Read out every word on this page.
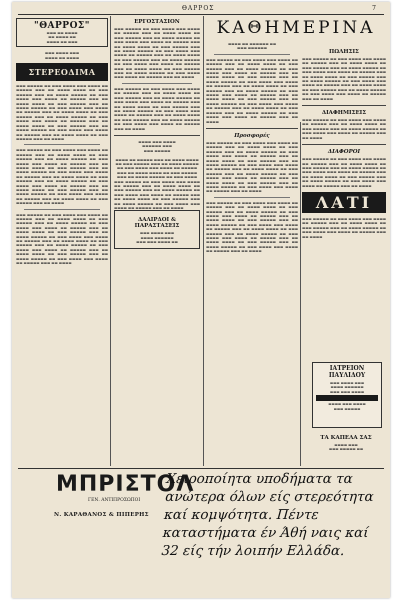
ΘΑΡΡΟΣ	7
"ΘΑΡΡΟΣ"
▬▬▬ ▬▬ ▬▬▬▬
▬▬ ▬▬▬▬ ▬▬
▬▬▬▬ ▬▬ ▬▬▬
▬▬▬ ▬▬▬▬ ▬▬▬
▬▬▬▬ ▬▬ ▬▬▬▬
ΣΤΕΡΕΟΔΙΜΑ
▬▬▬ ▬▬▬▬▬ ▬▬ ▬▬▬ ▬▬▬▬ ▬▬▬ ▬▬▬▬ ▬▬ ▬▬▬▬▬ ▬▬▬ ▬▬ ▬▬▬▬ ▬▬▬▬ ▬▬ ▬▬▬ ▬▬▬▬▬ ▬▬▬ ▬▬ ▬▬▬▬ ▬▬▬▬▬ ▬▬ ▬▬▬ ▬▬▬▬ ▬▬▬ ▬▬▬▬ ▬▬ ▬▬▬▬▬ ▬▬▬ ▬▬ ▬▬▬▬ ▬▬▬▬ ▬▬ ▬▬▬ ▬▬▬▬▬ ▬▬▬ ▬▬ ▬▬▬▬ ▬▬▬▬▬ ▬▬ ▬▬▬ ▬▬▬▬ ▬▬▬ ▬▬▬▬ ▬▬ ▬▬▬▬▬ ▬▬▬ ▬▬ ▬▬▬▬ ▬▬▬▬ ▬▬ ▬▬▬ ▬▬▬▬▬ ▬▬▬ ▬▬ ▬▬▬▬ ▬▬▬▬▬ ▬▬ ▬▬▬ ▬▬▬▬ ▬▬▬ ▬▬▬▬ ▬▬ ▬▬▬▬▬ ▬▬▬ ▬▬ ▬▬▬▬ ▬▬▬▬ ▬▬ ▬▬▬ ▬▬▬▬▬ ▬▬▬ ▬▬ ▬▬▬▬ ▬▬▬▬▬ ▬▬ ▬▬▬ ▬▬▬▬ ▬▬▬ ▬▬▬▬ ▬▬ ▬▬▬▬▬ ▬▬▬ ▬▬ ▬▬▬▬ ▬▬▬▬ ▬▬ ▬▬▬ ▬▬▬▬▬ ▬▬▬ ▬▬ ▬▬▬▬
▬▬▬ ▬▬▬▬▬ ▬▬ ▬▬▬ ▬▬▬▬ ▬▬▬ ▬▬▬▬ ▬▬ ▬▬▬▬▬ ▬▬▬ ▬▬ ▬▬▬▬ ▬▬▬▬ ▬▬ ▬▬▬ ▬▬▬▬▬ ▬▬▬ ▬▬ ▬▬▬▬ ▬▬▬▬▬ ▬▬ ▬▬▬ ▬▬▬▬ ▬▬▬ ▬▬▬▬ ▬▬ ▬▬▬▬▬ ▬▬▬ ▬▬ ▬▬▬▬ ▬▬▬▬ ▬▬ ▬▬▬ ▬▬▬▬▬ ▬▬▬ ▬▬ ▬▬▬▬ ▬▬▬▬▬ ▬▬ ▬▬▬ ▬▬▬▬ ▬▬▬ ▬▬▬▬ ▬▬ ▬▬▬▬▬ ▬▬▬ ▬▬ ▬▬▬▬ ▬▬▬▬ ▬▬ ▬▬▬ ▬▬▬▬▬ ▬▬▬ ▬▬ ▬▬▬▬ ▬▬▬▬▬ ▬▬ ▬▬▬ ▬▬▬▬ ▬▬▬ ▬▬▬▬ ▬▬ ▬▬▬▬▬ ▬▬▬ ▬▬ ▬▬▬▬ ▬▬▬▬ ▬▬ ▬▬▬ ▬▬▬▬▬ ▬▬▬ ▬▬ ▬▬▬▬ ▬▬▬▬▬ ▬▬ ▬▬▬ ▬▬▬▬ ▬▬▬ ▬▬▬▬ ▬▬ ▬▬▬▬▬ ▬▬▬ ▬▬ ▬▬▬▬ ▬▬▬▬ ▬▬ ▬▬▬ ▬▬▬▬▬ ▬▬▬ ▬▬ ▬▬▬▬
▬▬▬ ▬▬▬▬▬ ▬▬ ▬▬▬ ▬▬▬▬ ▬▬▬ ▬▬▬▬ ▬▬ ▬▬▬▬▬ ▬▬▬ ▬▬ ▬▬▬▬ ▬▬▬▬ ▬▬ ▬▬▬ ▬▬▬▬▬ ▬▬▬ ▬▬ ▬▬▬▬ ▬▬▬▬▬ ▬▬ ▬▬▬ ▬▬▬▬ ▬▬▬ ▬▬▬▬ ▬▬ ▬▬▬▬▬ ▬▬▬ ▬▬ ▬▬▬▬ ▬▬▬▬ ▬▬ ▬▬▬ ▬▬▬▬▬ ▬▬▬ ▬▬ ▬▬▬▬ ▬▬▬▬▬ ▬▬ ▬▬▬ ▬▬▬▬ ▬▬▬ ▬▬▬▬ ▬▬ ▬▬▬▬▬ ▬▬▬ ▬▬ ▬▬▬▬ ▬▬▬▬ ▬▬ ▬▬▬ ▬▬▬▬▬ ▬▬▬ ▬▬ ▬▬▬▬ ▬▬▬▬▬ ▬▬ ▬▬▬ ▬▬▬▬ ▬▬▬ ▬▬▬▬ ▬▬ ▬▬▬▬▬ ▬▬▬ ▬▬ ▬▬▬▬ ▬▬▬▬ ▬▬ ▬▬▬ ▬▬▬▬▬ ▬▬▬ ▬▬ ▬▬▬▬ ▬▬▬▬▬ ▬▬ ▬▬▬ ▬▬▬▬ ▬▬▬ ▬▬▬▬ ▬▬ ▬▬▬▬▬ ▬▬▬ ▬▬ ▬▬▬▬
ΕΡΓΟΣΤΑΣΙΟΝ
▬▬▬ ▬▬▬▬▬ ▬▬ ▬▬▬ ▬▬▬▬ ▬▬▬ ▬▬▬▬ ▬▬ ▬▬▬▬▬ ▬▬▬ ▬▬ ▬▬▬▬ ▬▬▬▬ ▬▬ ▬▬▬ ▬▬▬▬▬ ▬▬▬ ▬▬ ▬▬▬▬ ▬▬▬▬▬ ▬▬ ▬▬▬ ▬▬▬▬ ▬▬▬ ▬▬▬▬ ▬▬ ▬▬▬▬▬ ▬▬▬ ▬▬ ▬▬▬▬ ▬▬▬▬ ▬▬ ▬▬▬ ▬▬▬▬▬ ▬▬▬ ▬▬ ▬▬▬▬ ▬▬▬▬▬ ▬▬ ▬▬▬ ▬▬▬▬ ▬▬▬ ▬▬▬▬ ▬▬ ▬▬▬▬▬ ▬▬▬ ▬▬ ▬▬▬▬ ▬▬▬▬ ▬▬ ▬▬▬ ▬▬▬▬▬ ▬▬▬ ▬▬ ▬▬▬▬ ▬▬▬▬▬ ▬▬ ▬▬▬ ▬▬▬▬ ▬▬▬ ▬▬▬▬ ▬▬ ▬▬▬▬▬ ▬▬▬ ▬▬ ▬▬▬▬ ▬▬▬▬ ▬▬ ▬▬▬ ▬▬▬▬▬ ▬▬▬ ▬▬ ▬▬▬▬ ▬▬▬▬▬ ▬▬ ▬▬▬ ▬▬▬▬ ▬▬▬ ▬▬▬▬ ▬▬ ▬▬▬▬▬ ▬▬▬ ▬▬ ▬▬▬▬
▬▬▬ ▬▬▬▬▬ ▬▬ ▬▬▬ ▬▬▬▬ ▬▬▬ ▬▬▬▬ ▬▬ ▬▬▬▬▬ ▬▬▬ ▬▬ ▬▬▬▬ ▬▬▬▬ ▬▬ ▬▬▬ ▬▬▬▬▬ ▬▬▬ ▬▬ ▬▬▬▬ ▬▬▬▬▬ ▬▬ ▬▬▬ ▬▬▬▬ ▬▬▬ ▬▬▬▬ ▬▬ ▬▬▬▬▬ ▬▬▬ ▬▬ ▬▬▬▬ ▬▬▬▬ ▬▬ ▬▬▬ ▬▬▬▬▬ ▬▬▬ ▬▬ ▬▬▬▬ ▬▬▬▬▬ ▬▬ ▬▬▬ ▬▬▬▬ ▬▬▬ ▬▬▬▬ ▬▬ ▬▬▬▬▬ ▬▬▬ ▬▬ ▬▬▬▬ ▬▬▬▬ ▬▬ ▬▬▬ ▬▬▬▬▬ ▬▬▬ ▬▬ ▬▬▬▬ ▬▬▬▬▬ ▬▬ ▬▬▬ ▬▬▬▬ ▬▬▬ ▬▬▬▬ ▬▬ ▬▬▬▬▬ ▬▬▬ ▬▬ ▬▬▬▬
▬▬▬▬ ▬▬▬ ▬▬▬▬
▬▬▬▬▬▬ ▬▬▬
▬▬▬ ▬▬▬▬▬

▬▬▬▬ ▬▬ ▬▬▬▬▬ ▬▬▬ ▬▬ ▬▬▬▬ ▬▬▬▬ ▬▬ ▬▬▬ ▬▬▬▬▬ ▬▬▬ ▬▬ ▬▬▬▬ ▬▬▬▬▬ ▬▬ ▬▬▬ ▬▬▬▬ ▬▬▬ ▬▬▬▬ ▬▬ ▬▬▬▬▬ ▬▬▬ ▬▬ ▬▬▬▬ ▬▬▬▬ ▬▬ ▬▬▬ ▬▬▬▬▬ ▬▬▬ ▬▬ ▬▬▬▬ ▬▬▬▬▬ ▬▬ ▬▬▬ ▬▬▬▬
▬▬▬ ▬▬▬▬▬ ▬▬ ▬▬▬ ▬▬▬▬ ▬▬▬ ▬▬▬▬ ▬▬ ▬▬▬▬▬ ▬▬▬ ▬▬ ▬▬▬▬ ▬▬▬▬ ▬▬ ▬▬▬ ▬▬▬▬▬ ▬▬▬ ▬▬ ▬▬▬▬ ▬▬▬▬▬ ▬▬ ▬▬▬ ▬▬▬▬ ▬▬▬ ▬▬▬▬ ▬▬ ▬▬▬▬▬ ▬▬▬ ▬▬ ▬▬▬▬ ▬▬▬▬ ▬▬ ▬▬▬ ▬▬▬▬▬ ▬▬▬ ▬▬ ▬▬▬▬ ▬▬▬▬▬ ▬▬ ▬▬▬ ▬▬▬▬ ▬▬▬ ▬▬▬▬ ▬▬ ▬▬▬▬▬ ▬▬▬ ▬▬ ▬▬▬▬
ΔΑΛΙΡΔΟΙ & ΠΑΡΑΣΤΑΣΕΙΣ
▬▬▬ ▬▬▬▬ ▬▬▬
▬▬▬▬ ▬▬▬▬▬▬
▬▬▬ ▬▬▬ ▬▬▬▬ ▬▬
ΚΑΘΗΜΕΡΙΝΑ
▬▬▬▬ ▬▬ ▬▬▬▬▬▬ ▬▬
▬▬▬ ▬▬▬▬▬▬
▬▬▬ ▬▬▬▬▬ ▬▬ ▬▬▬ ▬▬▬▬ ▬▬▬ ▬▬▬▬ ▬▬ ▬▬▬▬▬ ▬▬▬ ▬▬ ▬▬▬▬ ▬▬▬▬ ▬▬ ▬▬▬ ▬▬▬▬▬ ▬▬▬ ▬▬ ▬▬▬▬ ▬▬▬▬▬ ▬▬ ▬▬▬ ▬▬▬▬ ▬▬▬ ▬▬▬▬ ▬▬ ▬▬▬▬▬ ▬▬▬ ▬▬ ▬▬▬▬ ▬▬▬▬ ▬▬ ▬▬▬ ▬▬▬▬▬ ▬▬▬ ▬▬ ▬▬▬▬ ▬▬▬▬▬ ▬▬ ▬▬▬ ▬▬▬▬ ▬▬▬ ▬▬▬▬ ▬▬ ▬▬▬▬▬ ▬▬▬ ▬▬ ▬▬▬▬ ▬▬▬▬ ▬▬ ▬▬▬ ▬▬▬▬▬ ▬▬▬ ▬▬ ▬▬▬▬ ▬▬▬▬▬ ▬▬ ▬▬▬ ▬▬▬▬ ▬▬▬ ▬▬▬▬ ▬▬ ▬▬▬▬▬ ▬▬▬ ▬▬ ▬▬▬▬ ▬▬▬▬ ▬▬ ▬▬▬ ▬▬▬▬▬ ▬▬▬ ▬▬ ▬▬▬▬ ▬▬▬▬▬ ▬▬ ▬▬▬ ▬▬▬▬ ▬▬▬ ▬▬▬▬ ▬▬ ▬▬▬▬▬ ▬▬▬ ▬▬ ▬▬▬▬ ▬▬▬▬ ▬▬ ▬▬▬ ▬▬▬▬▬ ▬▬▬ ▬▬ ▬▬▬▬ ▬▬▬▬▬ ▬▬ ▬▬▬ ▬▬▬▬ ▬▬▬ ▬▬▬▬ ▬▬ ▬▬▬▬▬ ▬▬▬ ▬▬ ▬▬▬▬
Προσφορές
▬▬▬ ▬▬▬▬▬ ▬▬ ▬▬▬ ▬▬▬▬ ▬▬▬ ▬▬▬▬ ▬▬ ▬▬▬▬▬ ▬▬▬ ▬▬ ▬▬▬▬ ▬▬▬▬ ▬▬ ▬▬▬ ▬▬▬▬▬ ▬▬▬ ▬▬ ▬▬▬▬ ▬▬▬▬▬ ▬▬ ▬▬▬ ▬▬▬▬ ▬▬▬ ▬▬▬▬ ▬▬ ▬▬▬▬▬ ▬▬▬ ▬▬ ▬▬▬▬ ▬▬▬▬ ▬▬ ▬▬▬ ▬▬▬▬▬ ▬▬▬ ▬▬ ▬▬▬▬ ▬▬▬▬▬ ▬▬ ▬▬▬ ▬▬▬▬ ▬▬▬ ▬▬▬▬ ▬▬ ▬▬▬▬▬ ▬▬▬ ▬▬ ▬▬▬▬ ▬▬▬▬ ▬▬ ▬▬▬ ▬▬▬▬▬ ▬▬▬ ▬▬ ▬▬▬▬ ▬▬▬▬▬ ▬▬ ▬▬▬ ▬▬▬▬ ▬▬▬ ▬▬▬▬ ▬▬ ▬▬▬▬▬ ▬▬▬ ▬▬ ▬▬▬▬ ▬▬▬▬ ▬▬ ▬▬▬ ▬▬▬▬▬ ▬▬▬ ▬▬ ▬▬▬▬ ▬▬▬▬▬ ▬▬ ▬▬▬ ▬▬▬▬ ▬▬▬ ▬▬▬▬ ▬▬ ▬▬▬▬▬ ▬▬▬ ▬▬ ▬▬▬▬
▬▬▬ ▬▬▬▬▬ ▬▬ ▬▬▬ ▬▬▬▬ ▬▬▬ ▬▬▬▬ ▬▬ ▬▬▬▬▬ ▬▬▬ ▬▬ ▬▬▬▬ ▬▬▬▬ ▬▬ ▬▬▬ ▬▬▬▬▬ ▬▬▬ ▬▬ ▬▬▬▬ ▬▬▬▬▬ ▬▬ ▬▬▬ ▬▬▬▬ ▬▬▬ ▬▬▬▬ ▬▬ ▬▬▬▬▬ ▬▬▬ ▬▬ ▬▬▬▬ ▬▬▬▬ ▬▬ ▬▬▬ ▬▬▬▬▬ ▬▬▬ ▬▬ ▬▬▬▬ ▬▬▬▬▬ ▬▬ ▬▬▬ ▬▬▬▬ ▬▬▬ ▬▬▬▬ ▬▬ ▬▬▬▬▬ ▬▬▬ ▬▬ ▬▬▬▬ ▬▬▬▬ ▬▬ ▬▬▬ ▬▬▬▬▬ ▬▬▬ ▬▬ ▬▬▬▬ ▬▬▬▬▬ ▬▬ ▬▬▬ ▬▬▬▬ ▬▬▬ ▬▬▬▬ ▬▬ ▬▬▬▬▬ ▬▬▬ ▬▬ ▬▬▬▬ ▬▬▬▬ ▬▬ ▬▬▬ ▬▬▬▬▬ ▬▬▬ ▬▬ ▬▬▬▬ ▬▬▬▬▬ ▬▬ ▬▬▬ ▬▬▬▬ ▬▬▬ ▬▬▬▬ ▬▬ ▬▬▬▬▬ ▬▬▬ ▬▬ ▬▬▬▬
ΠΩΛΗΣΙΣ
▬▬▬ ▬▬▬▬▬ ▬▬ ▬▬▬ ▬▬▬▬ ▬▬▬ ▬▬▬▬ ▬▬ ▬▬▬▬▬ ▬▬▬ ▬▬ ▬▬▬▬ ▬▬▬▬ ▬▬ ▬▬▬ ▬▬▬▬▬ ▬▬▬ ▬▬ ▬▬▬▬ ▬▬▬▬▬ ▬▬ ▬▬▬ ▬▬▬▬ ▬▬▬ ▬▬▬▬ ▬▬ ▬▬▬▬▬ ▬▬▬ ▬▬ ▬▬▬▬ ▬▬▬▬ ▬▬ ▬▬▬ ▬▬▬▬▬ ▬▬▬ ▬▬ ▬▬▬▬ ▬▬▬▬▬ ▬▬ ▬▬▬ ▬▬▬▬ ▬▬▬ ▬▬▬▬ ▬▬ ▬▬▬▬▬ ▬▬▬ ▬▬ ▬▬▬▬ ▬▬▬▬ ▬▬ ▬▬▬ ▬▬▬▬▬ ▬▬▬ ▬▬ ▬▬▬▬ ▬▬▬▬▬ ▬▬ ▬▬▬ ▬▬▬▬ ▬▬▬ ▬▬▬▬ ▬▬ ▬▬▬▬▬ ▬▬▬ ▬▬ ▬▬▬▬
ΔΙΑΦΗΜΙΣΕΙΣ
▬▬▬ ▬▬▬▬▬ ▬▬ ▬▬▬ ▬▬▬▬ ▬▬▬ ▬▬▬▬ ▬▬ ▬▬▬▬▬ ▬▬▬ ▬▬ ▬▬▬▬ ▬▬▬▬ ▬▬ ▬▬▬ ▬▬▬▬▬ ▬▬▬ ▬▬ ▬▬▬▬ ▬▬▬▬▬ ▬▬ ▬▬▬ ▬▬▬▬ ▬▬▬ ▬▬▬▬ ▬▬ ▬▬▬▬▬ ▬▬▬ ▬▬ ▬▬▬▬
ΔΙΑΦΟΡΟΙ
▬▬▬ ▬▬▬▬▬ ▬▬ ▬▬▬ ▬▬▬▬ ▬▬▬ ▬▬▬▬ ▬▬ ▬▬▬▬▬ ▬▬▬ ▬▬ ▬▬▬▬ ▬▬▬▬ ▬▬ ▬▬▬ ▬▬▬▬▬ ▬▬▬ ▬▬ ▬▬▬▬ ▬▬▬▬▬ ▬▬ ▬▬▬ ▬▬▬▬ ▬▬▬ ▬▬▬▬ ▬▬ ▬▬▬▬▬ ▬▬▬ ▬▬ ▬▬▬▬ ▬▬▬▬ ▬▬ ▬▬▬ ▬▬▬▬▬ ▬▬▬ ▬▬ ▬▬▬▬ ▬▬▬▬▬ ▬▬ ▬▬▬ ▬▬▬▬ ▬▬▬ ▬▬▬▬ ▬▬ ▬▬▬▬▬ ▬▬▬ ▬▬ ▬▬▬▬
ΛΑΤΙ
▬▬▬ ▬▬▬▬▬ ▬▬ ▬▬▬ ▬▬▬▬ ▬▬▬ ▬▬▬▬ ▬▬ ▬▬▬▬▬ ▬▬▬ ▬▬ ▬▬▬▬ ▬▬▬▬ ▬▬ ▬▬▬ ▬▬▬▬▬ ▬▬▬ ▬▬ ▬▬▬▬ ▬▬▬▬▬ ▬▬ ▬▬▬ ▬▬▬▬ ▬▬▬ ▬▬▬▬ ▬▬ ▬▬▬▬▬ ▬▬▬ ▬▬ ▬▬▬▬
ΙΑΤΡΕΙΟΝ ΠΑΥΛΙΔΟΥ
▬▬▬ ▬▬▬▬ ▬▬▬
▬▬▬▬ ▬▬▬▬▬▬
▬▬▬ ▬▬▬ ▬▬▬▬
▬▬▬▬ ▬▬▬ ▬▬▬▬
▬▬▬ ▬▬▬▬▬
ΤΑ ΚΑΠΕΛΑ ΣΑΣ
▬▬▬▬ ▬▬▬
▬▬▬ ▬▬▬▬▬ ▬▬
ΜΠΡΙΣΤΟΛ
ΓΕΝ. ΑΝΤΙΠΡΟΣΩΠΟΙ
Ν. ΚΑΡΑΘΑΝΟΣ & ΠΙΠΕΡΗΣ
Χειροποίητα υποδήματα τα ανώτερα όλων είς στερεότητα καί κομψότητα. Πέντε καταστήματα έν Άθή ναις καί 32 είς τήν λοιπήν Ελλάδα.
